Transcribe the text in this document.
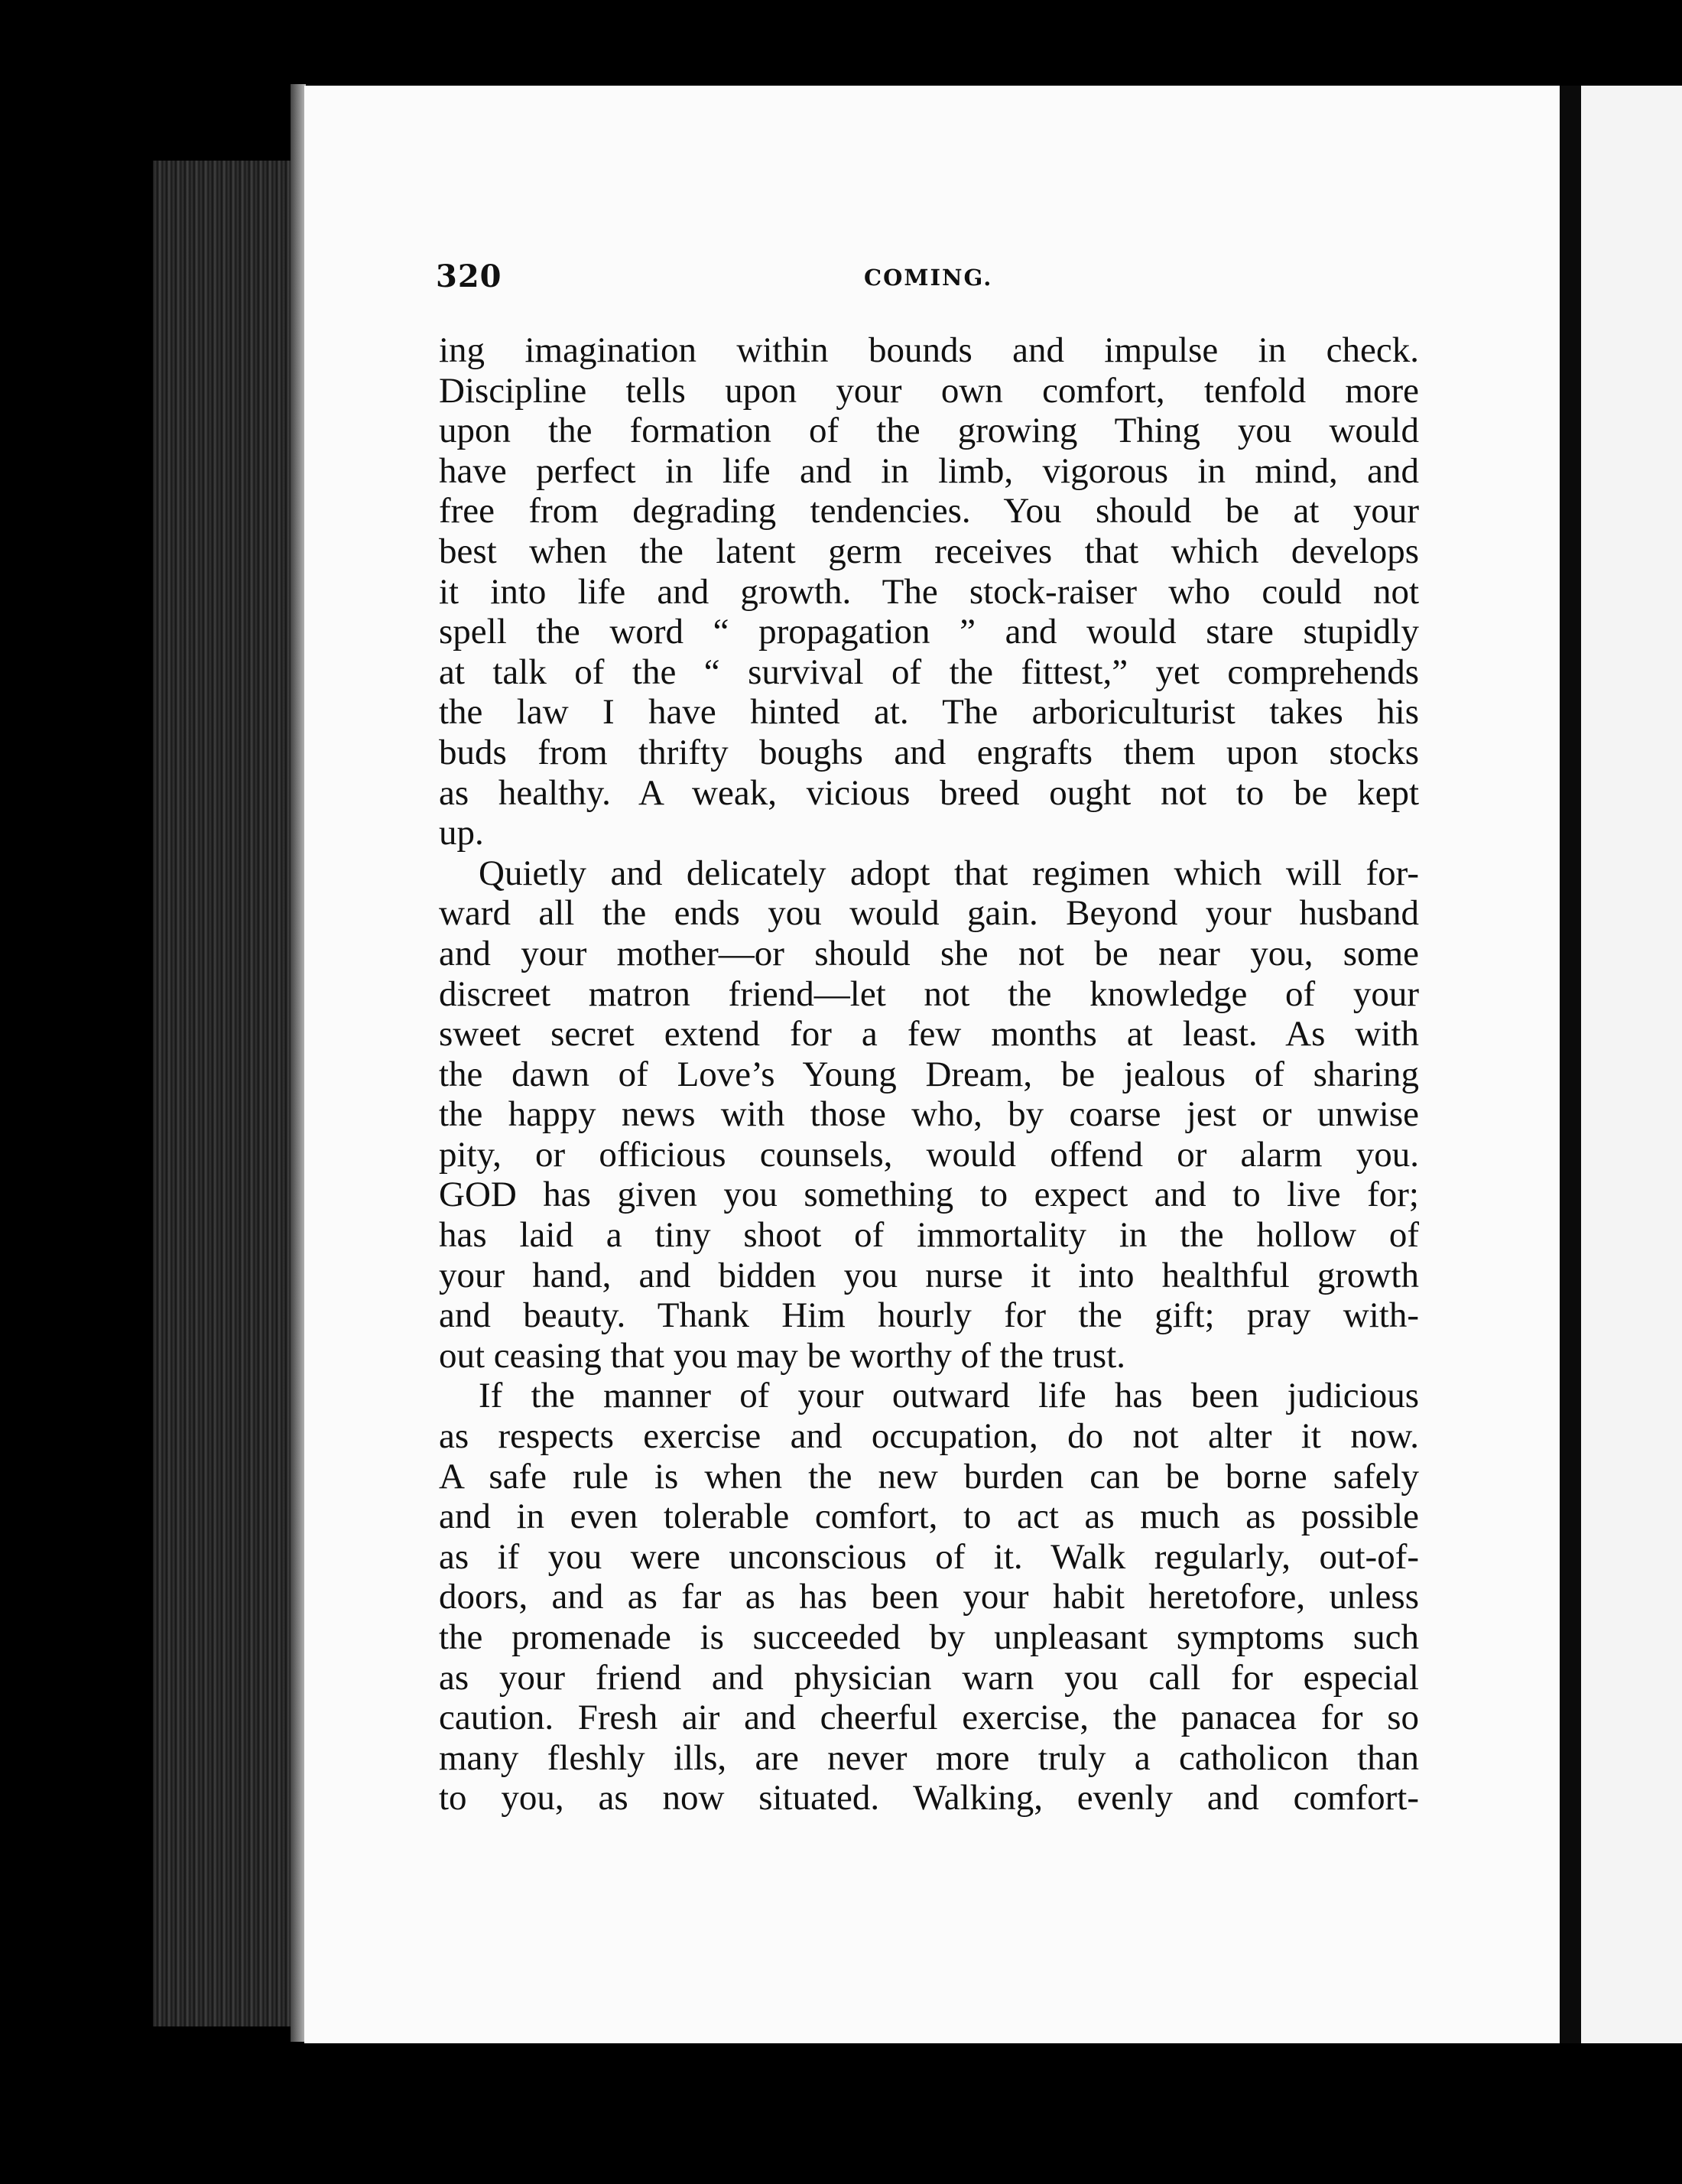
320	COMING.
ing imagination within bounds and impulse in check.
Discipline tells upon your own comfort, tenfold more
upon the formation of the growing Thing you would
have perfect in life and in limb, vigorous in mind, and
free from degrading tendencies. You should be at your
best when the latent germ receives that which develops
it into life and growth. The stock-raiser who could not
spell the word “ propagation ” and would stare stupidly
at talk of the “ survival of the fittest,” yet comprehends
the law I have hinted at. The arboriculturist takes his
buds from thrifty boughs and engrafts them upon stocks
as healthy. A weak, vicious breed ought not to be kept
up.
Quietly and delicately adopt that regimen which will for-
ward all the ends you would gain. Beyond your husband
and your mother—or should she not be near you, some
discreet matron friend—let not the knowledge of your
sweet secret extend for a few months at least. As with
the dawn of Love’s Young Dream, be jealous of sharing
the happy news with those who, by coarse jest or unwise
pity, or officious counsels, would offend or alarm you.
GOD has given you something to expect and to live for;
has laid a tiny shoot of immortality in the hollow of
your hand, and bidden you nurse it into healthful growth
and beauty. Thank Him hourly for the gift; pray with-
out ceasing that you may be worthy of the trust.
If the manner of your outward life has been judicious
as respects exercise and occupation, do not alter it now.
A safe rule is when the new burden can be borne safely
and in even tolerable comfort, to act as much as possible
as if you were unconscious of it. Walk regularly, out-of-
doors, and as far as has been your habit heretofore, unless
the promenade is succeeded by unpleasant symptoms such
as your friend and physician warn you call for especial
caution. Fresh air and cheerful exercise, the panacea for so
many fleshly ills, are never more truly a catholicon than
to you, as now situated. Walking, evenly and comfort-
